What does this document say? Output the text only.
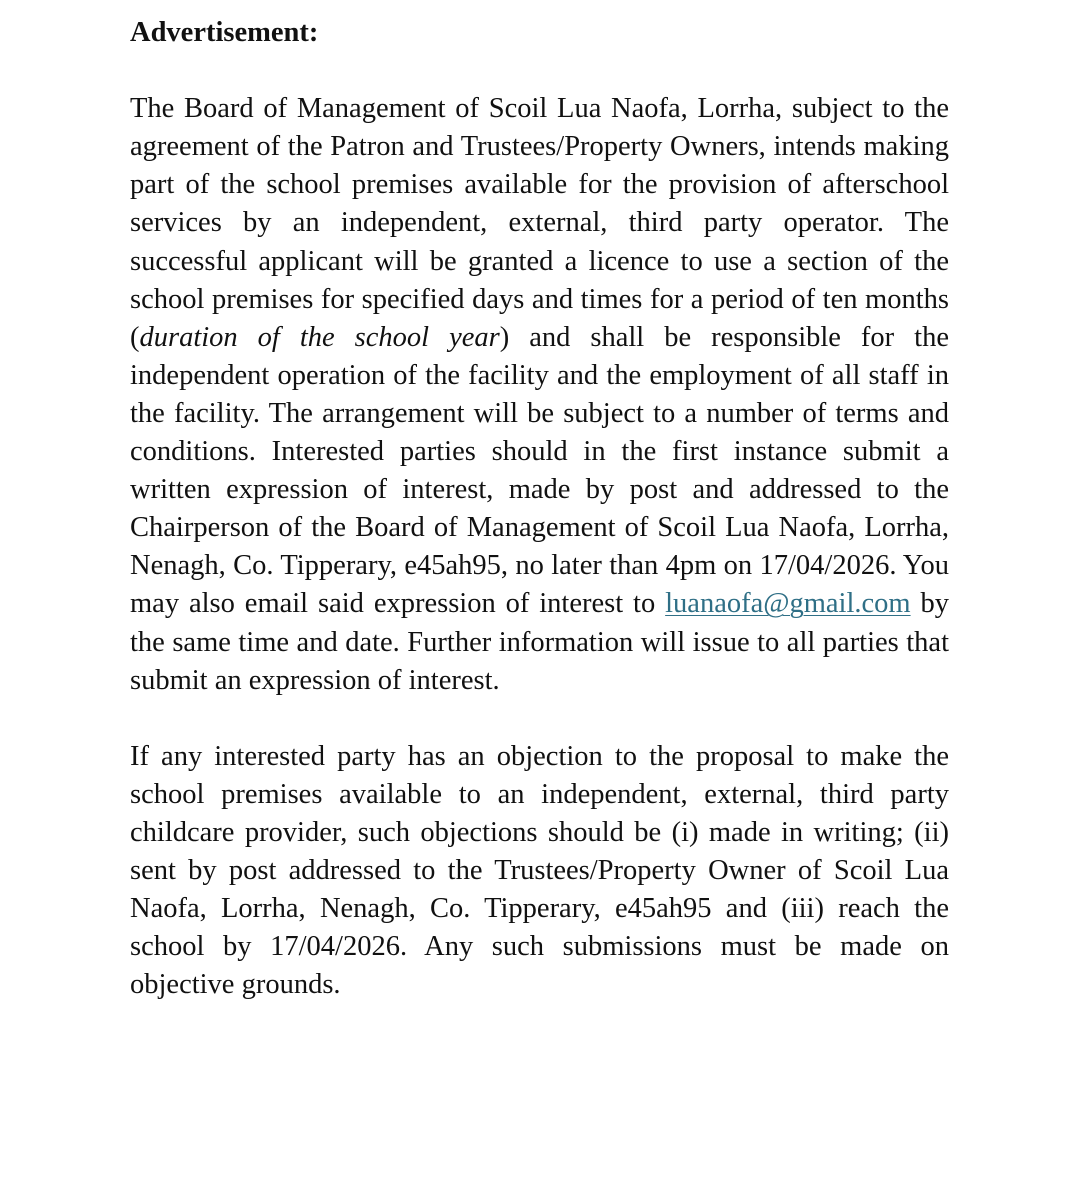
Advertisement:

The Board of Management of Scoil Lua Naofa, Lorrha, subject to the agreement of the Patron and Trustees/Property Owners, intends making part of the school premises available for the provision of afterschool services by an independent, external, third party operator. The successful applicant will be granted a licence to use a section of the school premises for specified days and times for a period of ten months (duration of the school year) and shall be responsible for the independent operation of the facility and the employment of all staff in the facility. The arrangement will be subject to a number of terms and conditions. Interested parties should in the first instance submit a written expression of interest, made by post and addressed to the Chairperson of the Board of Management of Scoil Lua Naofa, Lorrha, Nenagh, Co. Tipperary, e45ah95, no later than 4pm on 17/04/2026. You may also email said expression of interest to luanaofa@gmail.com by the same time and date. Further information will issue to all parties that submit an expression of interest.

If any interested party has an objection to the proposal to make the school premises available to an independent, external, third party childcare provider, such objections should be (i) made in writing; (ii) sent by post addressed to the Trustees/Property Owner of Scoil Lua Naofa, Lorrha, Nenagh, Co. Tipperary, e45ah95 and (iii) reach the school by 17/04/2026. Any such submissions must be made on objective grounds.
